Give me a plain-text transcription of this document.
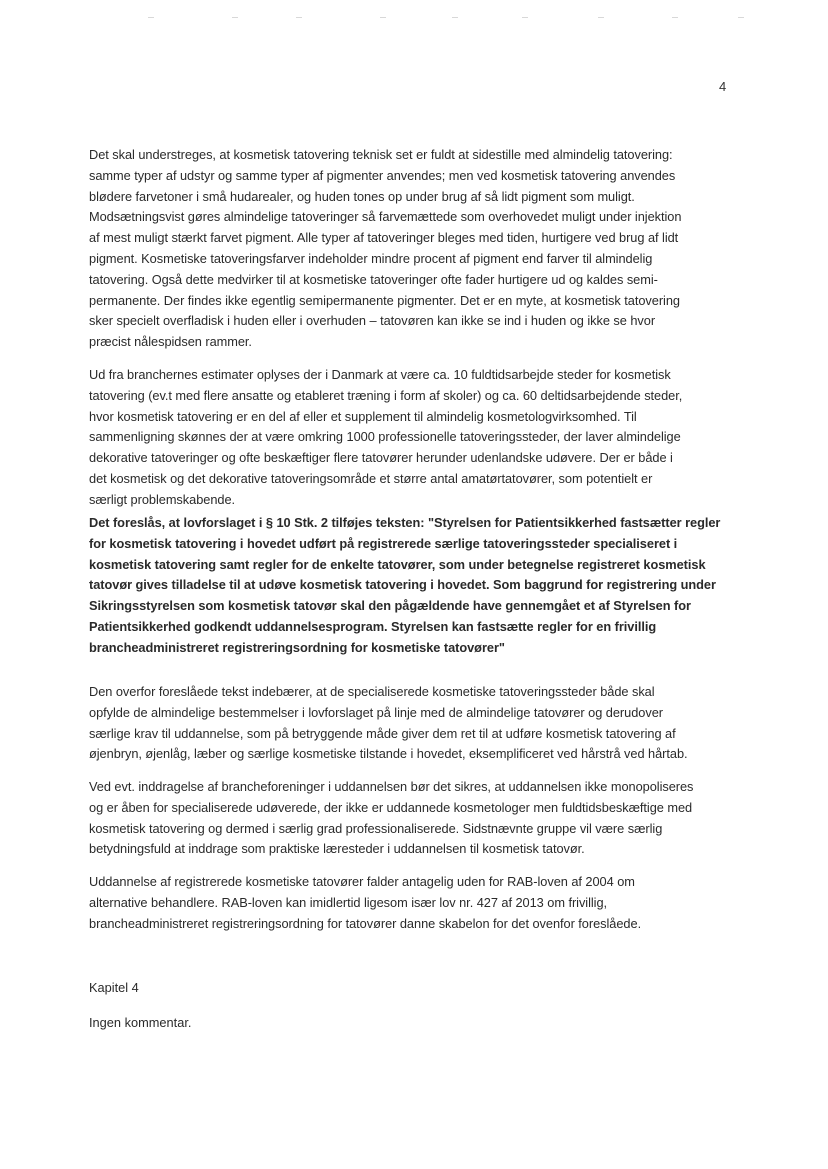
4

Det skal understreges, at kosmetisk tatovering teknisk set er fuldt at sidestille med almindelig tatovering:
samme typer af udstyr og samme typer af pigmenter anvendes; men ved kosmetisk tatovering anvendes
blødere farvetoner i små hudarealer, og huden tones op under brug af så lidt pigment som muligt.
Modsætningsvist gøres almindelige tatoveringer så farvemættede som overhovedet muligt under injektion
af mest muligt stærkt farvet pigment. Alle typer af tatoveringer bleges med tiden, hurtigere ved brug af lidt
pigment. Kosmetiske tatoveringsfarver indeholder mindre procent af pigment end farver til almindelig
tatovering. Også dette medvirker til at kosmetiske tatoveringer ofte fader hurtigere ud og kaldes semi-
permanente. Der findes ikke egentlig semipermanente pigmenter. Det er en myte, at kosmetisk tatovering
sker specielt overfladisk i huden eller i overhuden – tatovøren kan ikke se ind i huden og ikke se hvor
præcist nålespidsen rammer.

Ud fra branchernes estimater oplyses der i Danmark at være ca. 10 fuldtidsarbejde steder for kosmetisk
tatovering (ev.t med flere ansatte og etableret træning i form af skoler) og ca. 60 deltidsarbejdende steder,
hvor kosmetisk tatovering er en del af eller et supplement til almindelig kosmetologvirksomhed. Til
sammenligning skønnes der at være omkring 1000 professionelle tatoveringssteder, der laver almindelige
dekorative tatoveringer og ofte beskæftiger flere tatovører herunder udenlandske udøvere. Der er både i
det kosmetisk og det dekorative tatoveringsområde et større antal amatørtatovører, som potentielt er
særligt problemskabende.

Det foreslås, at lovforslaget i § 10 Stk. 2 tilføjes teksten: "Styrelsen for Patientsikkerhed fastsætter regler
for kosmetisk tatovering i hovedet udført på registrerede særlige tatoveringssteder specialiseret i
kosmetisk tatovering samt regler for de enkelte tatovører, som under betegnelse registreret kosmetisk
tatovør gives tilladelse til at udøve kosmetisk tatovering i hovedet. Som baggrund for registrering under
Sikringsstyrelsen som kosmetisk tatovør skal den pågældende have gennemgået et af Styrelsen for
Patientsikkerhed godkendt uddannelsesprogram. Styrelsen kan fastsætte regler for en frivillig
brancheadministreret registreringsordning for kosmetiske tatovører"

Den overfor foreslåede tekst indebærer, at de specialiserede kosmetiske tatoveringssteder både skal
opfylde de almindelige bestemmelser i lovforslaget på linje med de almindelige tatovører og derudover
særlige krav til uddannelse, som på betryggende måde giver dem ret til at udføre kosmetisk tatovering af
øjenbryn, øjenlåg, læber og særlige kosmetiske tilstande i hovedet, eksemplificeret ved hårstrå ved hårtab.

Ved evt. inddragelse af brancheforeninger i uddannelsen bør det sikres, at uddannelsen ikke monopoliseres
og er åben for specialiserede udøverede, der ikke er uddannede kosmetologer men fuldtidsbeskæftige med
kosmetisk tatovering og dermed i særlig grad professionaliserede. Sidstnævnte gruppe vil være særlig
betydningsfuld at inddrage som praktiske læresteder i uddannelsen til kosmetisk tatovør.

Uddannelse af registrerede kosmetiske tatovører falder antagelig uden for RAB-loven af 2004 om
alternative behandlere. RAB-loven kan imidlertid ligesom især lov nr. 427 af 2013 om frivillig,
brancheadministreret registreringsordning for tatovører danne skabelon for det ovenfor foreslåede.

Kapitel 4
Ingen kommentar.
